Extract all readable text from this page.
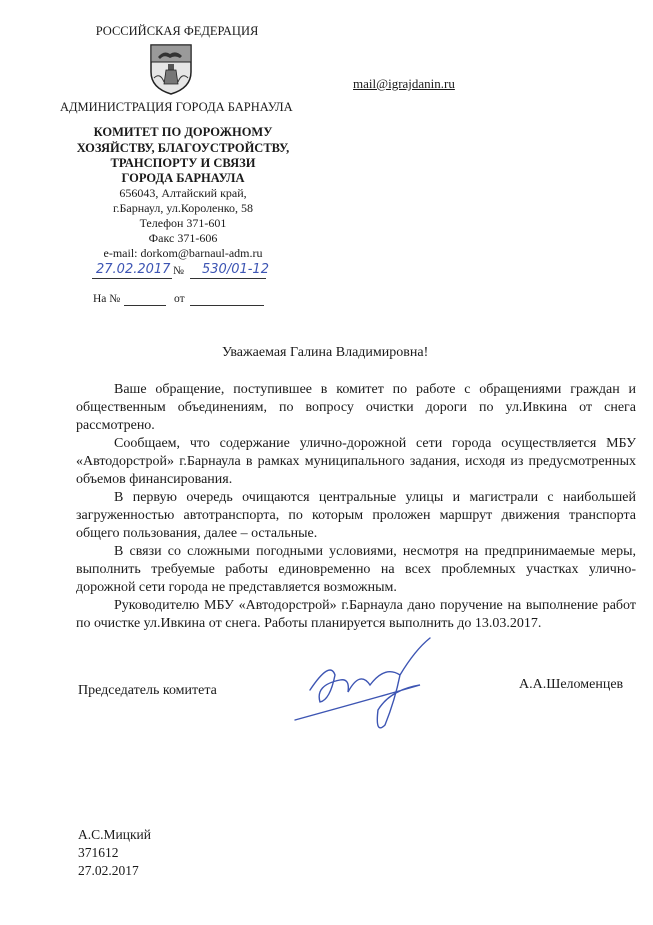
РОССИЙСКАЯ ФЕДЕРАЦИЯ
АДМИНИСТРАЦИЯ ГОРОДА БАРНАУЛА
КОМИТЕТ ПО ДОРОЖНОМУ
ХОЗЯЙСТВУ, БЛАГОУСТРОЙСТВУ,
ТРАНСПОРТУ И СВЯЗИ
ГОРОДА БАРНАУЛА
656043, Алтайский край,
г.Барнаул, ул.Короленко, 58
Телефон 371-601
Факс 371-606
e-mail: dorkom@barnaul-adm.ru
mail@igrajdanin.ru
27.02.2017 № 530/01-12
На №	от
Уважаемая Галина Владимировна!

Ваше обращение, поступившее в комитет по работе с обращениями граждан и общественным объединениям, по вопросу очистки дороги по ул.Ивкина от снега рассмотрено.

Сообщаем, что содержание улично-дорожной сети города осуществляется МБУ «Автодорстрой» г.Барнаула в рамках муниципального задания, исходя из предусмотренных объемов финансирования.

В первую очередь очищаются центральные улицы и магистрали с наибольшей загруженностью автотранспорта, по которым проложен маршрут движения транспорта общего пользования, далее – остальные.

В связи со сложными погодными условиями, несмотря на предпринимаемые меры, выполнить требуемые работы единовременно на всех проблемных участках улично-дорожной сети города не представляется возможным.

Руководителю МБУ «Автодорстрой» г.Барнаула дано поручение на выполнение работ по очистке ул.Ивкина от снега. Работы планируется выполнить до 13.03.2017.

Председатель комитета	А.А.Шеломенцев
А.С.Мицкий
371612
27.02.2017
